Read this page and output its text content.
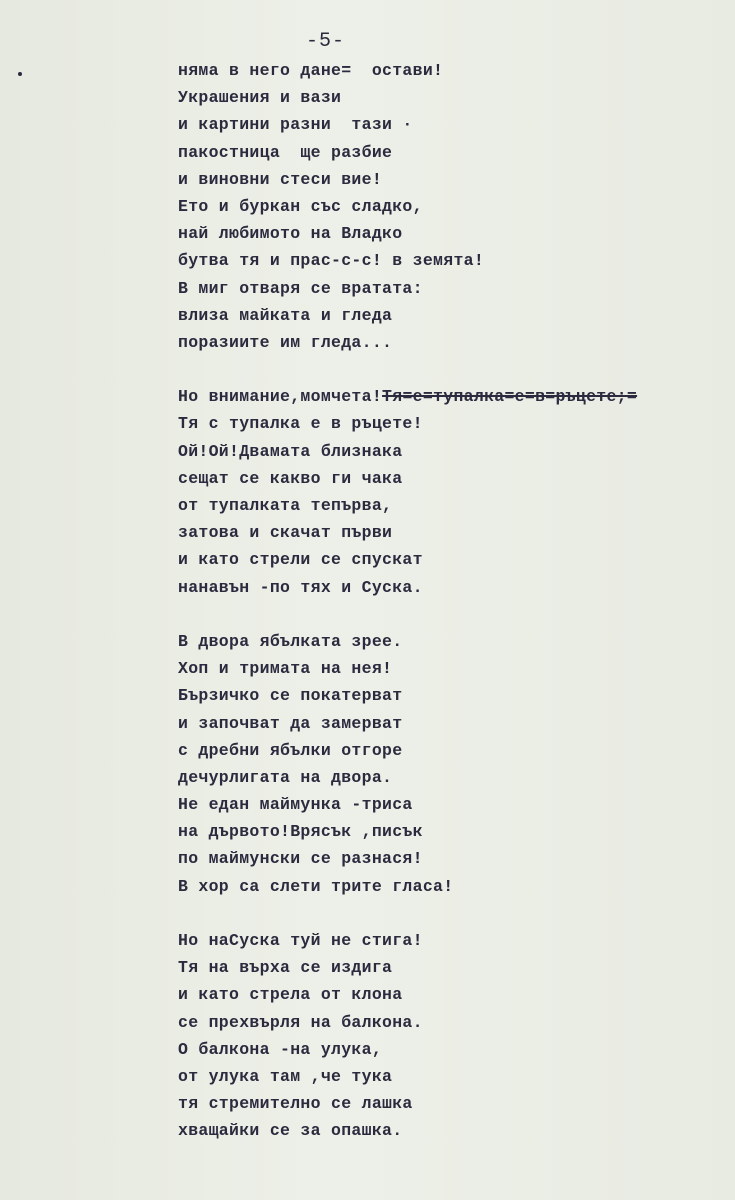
-5-
няма в него дане=  остави!
Украшения и вази
и картини разни  тази ·
пакостница  ще разбие
и виновни стеси вие!
Ето и буркан със сладко,
най любимото на Владко
бутва тя и прас-с-с! в земята!
В миг отваря се вратата:
влиза майката и гледа
поразиите им гледа...
Но внимание,момчета!Тя=е=тупалка=е=в=ръцете;=
Тя с тупалка е в ръцете!
Ой!Ой!Двамата близнака
сещат се какво ги чака
от тупалката тепърва,
затова и скачат първи
и като стрели се спускат
нанавън -по тях и Суска.
В двора ябълката зрее.
Хоп и тримата на нея!
Бързичко се покатерват
и започват да замерват
с дребни ябълки отгоре
дечурлигата на двора.
Не едан маймунка -триса
на дървото!Врясък ,писък
по маймунски се разнася!
В хор са слети трите гласа!
Но наСуска туй не стига!
Тя на върха се издига
и като стрела от клона
се прехвърля на балкона.
О балкона -на улука,
от улука там ,че тука
тя стремително се лашка
хващайки се за опашка.
